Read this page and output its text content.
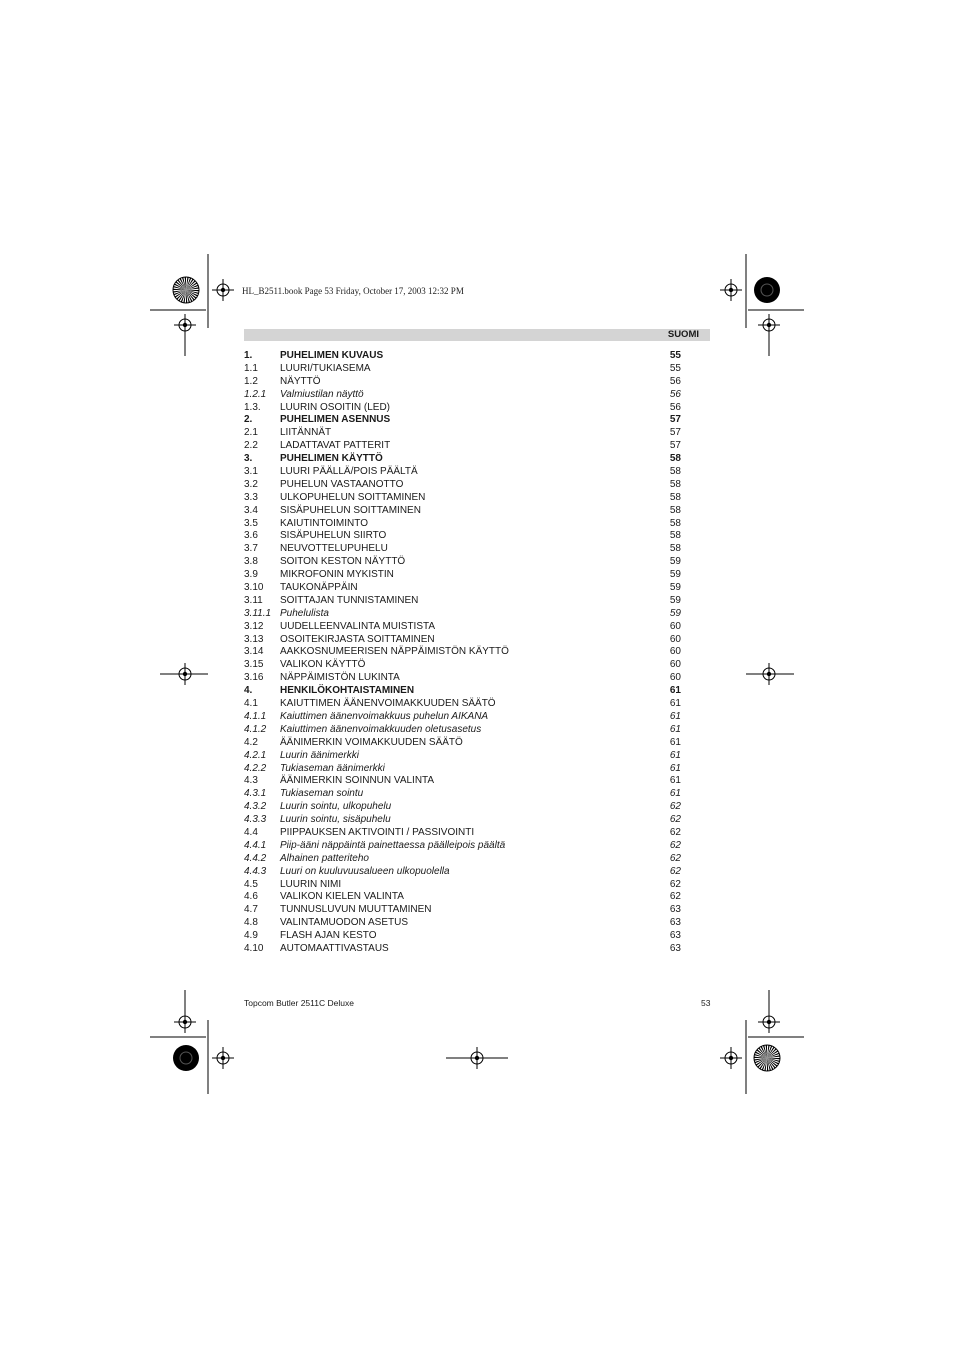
HL_B2511.book Page 53 Friday, October 17, 2003 12:32 PM
SUOMI
1.	PUHELIMEN KUVAUS	55
1.1 LUURI/TUKIASEMA	55
1.2 NÄYTTÖ	56
1.2.1 Valmiustilan näyttö	56
1.3. LUURIN OSOITIN (LED)	56
2.	PUHELIMEN ASENNUS	57
2.1 LIITÄNNÄT	57
2.2 LADATTAVAT PATTERIT	57
3.	PUHELIMEN KÄYTTÖ	58
3.1 LUURI PÄÄLLÄ/POIS PÄÄLTÄ	58
3.2 PUHELUN VASTAANOTTO	58
3.3 ULKOPUHELUN SOITTAMINEN	58
3.4 SISÄPUHELUN SOITTAMINEN	58
3.5 KAIUTINTOIMINTO	58
3.6 SISÄPUHELUN SIIRTO	58
3.7 NEUVOTTELUPUHELU	58
3.8 SOITON KESTON NÄYTTÖ	59
3.9 MIKROFONIN MYKISTIN	59
3.10 TAUKONÄPPÄIN	59
3.11 SOITTAJAN TUNNISTAMINEN	59
3.11.1 Puhelulista	59
3.12 UUDELLEENVALINTA MUISTISTA	60
3.13 OSOITEKIRJASTA SOITTAMINEN	60
3.14 AAKKOSNUMEERISEN NÄPPÄIMISTÖN KÄYTTÖ	60
3.15 VALIKON KÄYTTÖ	60
3.16 NÄPPÄIMISTÖN LUKINTA	60
4.	HENKILÖKOHTAISTAMINEN	61
4.1 KAIUTTIMEN ÄÄNENVOIMAKKUUDEN SÄÄTÖ	61
4.1.1 Kaiuttimen äänenvoimakkuus puhelun AIKANA	61
4.1.2 Kaiuttimen äänenvoimakkuuden oletusasetus	61
4.2 ÄÄNIMERKIN VOIMAKKUUDEN SÄÄTÖ	61
4.2.1 Luurin äänimerkki	61
4.2.2 Tukiaseman äänimerkki	61
4.3 ÄÄNIMERKIN SOINNUN VALINTA	61
4.3.1 Tukiaseman sointu	61
4.3.2 Luurin sointu, ulkopuhelu	62
4.3.3 Luurin sointu, sisäpuhelu	62
4.4 PIIPPAUKSEN AKTIVOINTI / PASSIVOINTI	62
4.4.1 Piip-ääni näppäintä painettaessa päälleipois päältä	62
4.4.2 Alhainen patteriteho	62
4.4.3 Luuri on kuuluvuusalueen ulkopuolella	62
4.5 LUURIN NIMI	62
4.6 VALIKON KIELEN VALINTA	62
4.7 TUNNUSLUVUN MUUTTAMINEN	63
4.8 VALINTAMUODON ASETUS	63
4.9 FLASH AJAN KESTO	63
4.10 AUTOMAATTIVASTAUS	63
Topcom Butler 2511C Deluxe	53
